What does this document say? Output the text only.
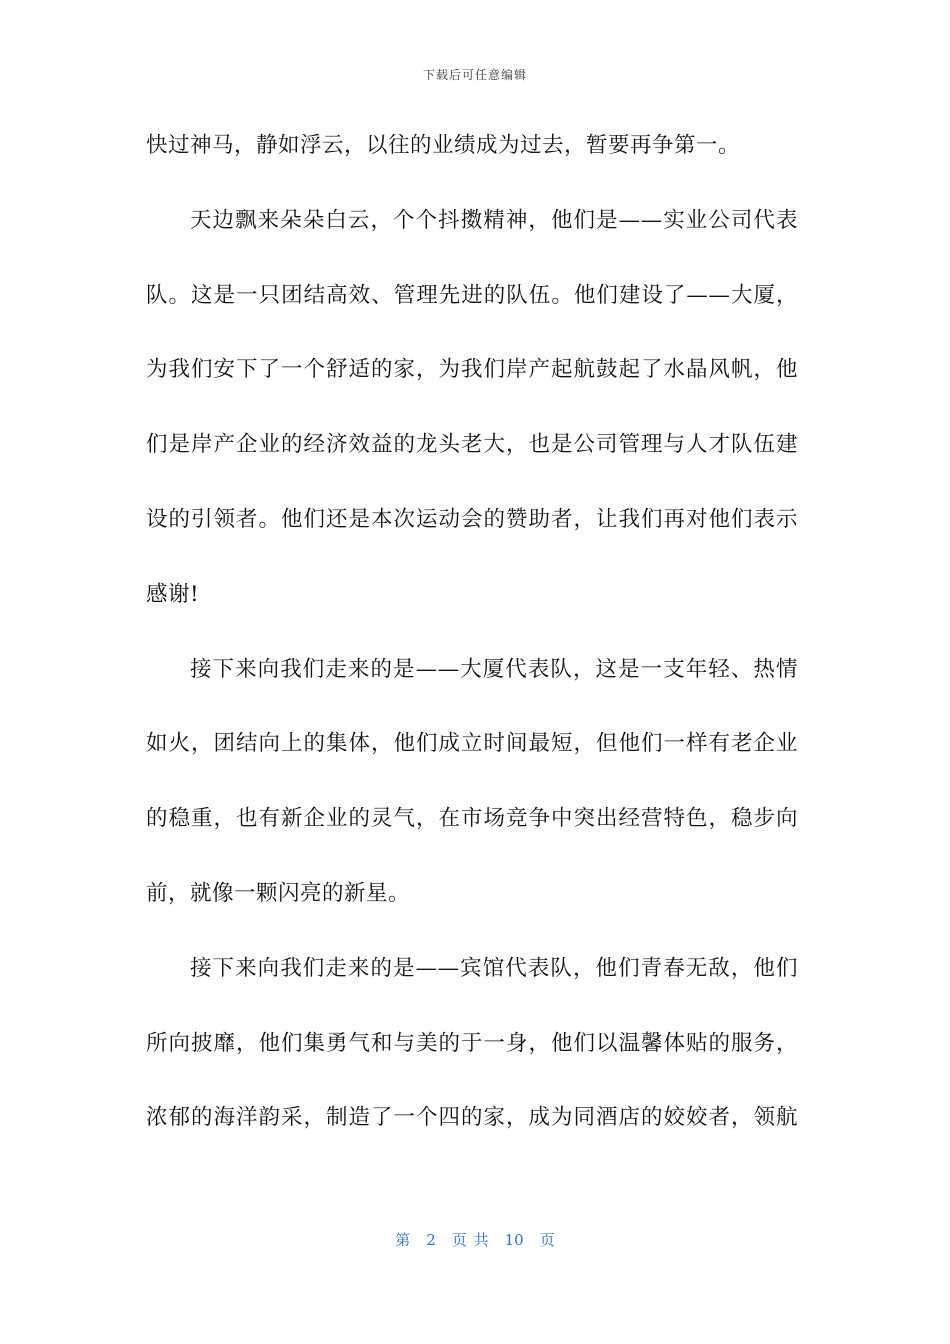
下载后可任意编辑
快过神马，静如浮云，以往的业绩成为过去，暂要再争第一。
天边飘来朵朵白云，个个抖擞精神，他们是——实业公司代表
队。这是一只团结高效、管理先进的队伍。他们建设了——大厦，
为我们安下了一个舒适的家，为我们岸产起航鼓起了水晶风帆，他
们是岸产企业的经济效益的龙头老大，也是公司管理与人才队伍建
设的引领者。他们还是本次运动会的赞助者，让我们再对他们表示
感谢!
接下来向我们走来的是——大厦代表队，这是一支年轻、热情
如火，团结向上的集体，他们成立时间最短，但他们一样有老企业
的稳重，也有新企业的灵气，在市场竞争中突出经营特色，稳步向
前，就像一颗闪亮的新星。
接下来向我们走来的是——宾馆代表队，他们青春无敌，他们
所向披靡，他们集勇气和与美的于一身，他们以温馨体贴的服务，
浓郁的海洋韵采，制造了一个四的家，成为同酒店的姣姣者，领航
第 2 页 共 10 页
